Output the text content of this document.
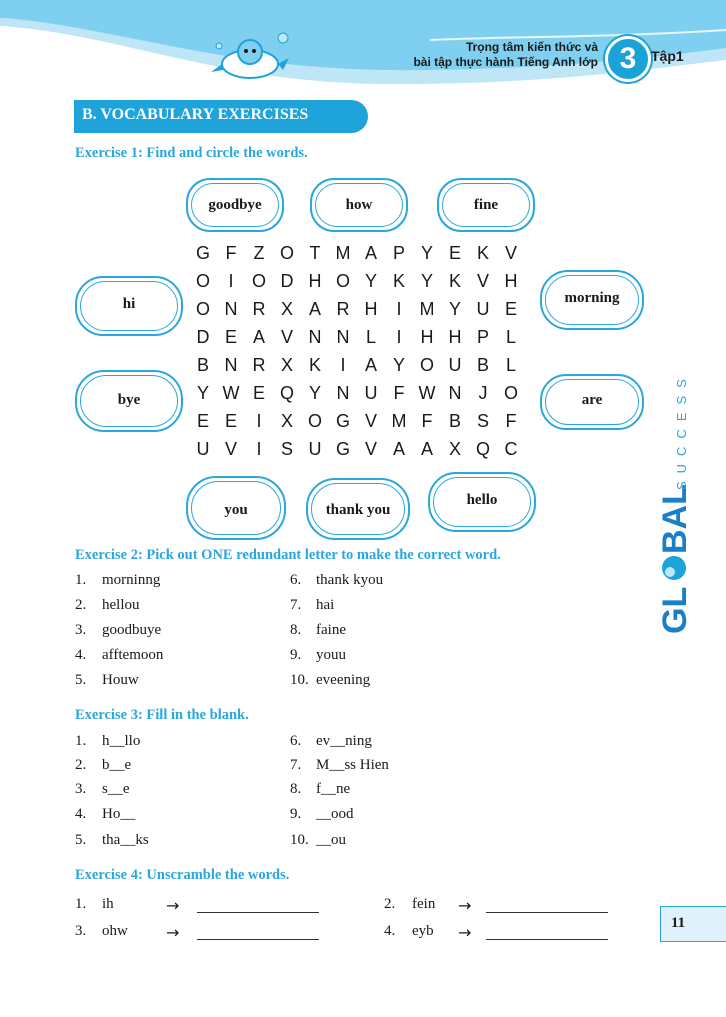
Trọng tâm kiến thức và
bài tập thực hành Tiếng Anh lớp 3	Tập1
B. VOCABULARY EXERCISES
Exercise 1: Find and circle the words.
goodbye	how	fine
hi	morning
bye	are
you	thank you
hello
G F Z O T M A P Y E K V
O	I	O D H O Y K Y K V H
O N R X A R H	I	M Y U E
D E A V N N L	I	H H P L
B N R X K	I	A Y O U B L
Y W E Q Y N U F W N J O
E E	I	X O G V M F B S F
U V	I	S U G V A A X Q C
Exercise 2: Pick out ONE redundant letter to make the correct word.
1. morninng
2. hellou
3. goodbuye
4. afftemoon
5. Houw
6. thank kyou
7. hai
8. faine
9. youu
10. eveening
Exercise 3: Fill in the blank.
1. h__llo
2. b__e
3. s__e
4. Ho__
5. tha__ks
6. ev__ning
7. M__ss Hien
8. f__ne
9. __ood
10. __ou
Exercise 4: Unscramble the words.
1. ih	→	2. fein →
3. ohw →	4. eyb →
GL
BAL
SUCCESS
11
